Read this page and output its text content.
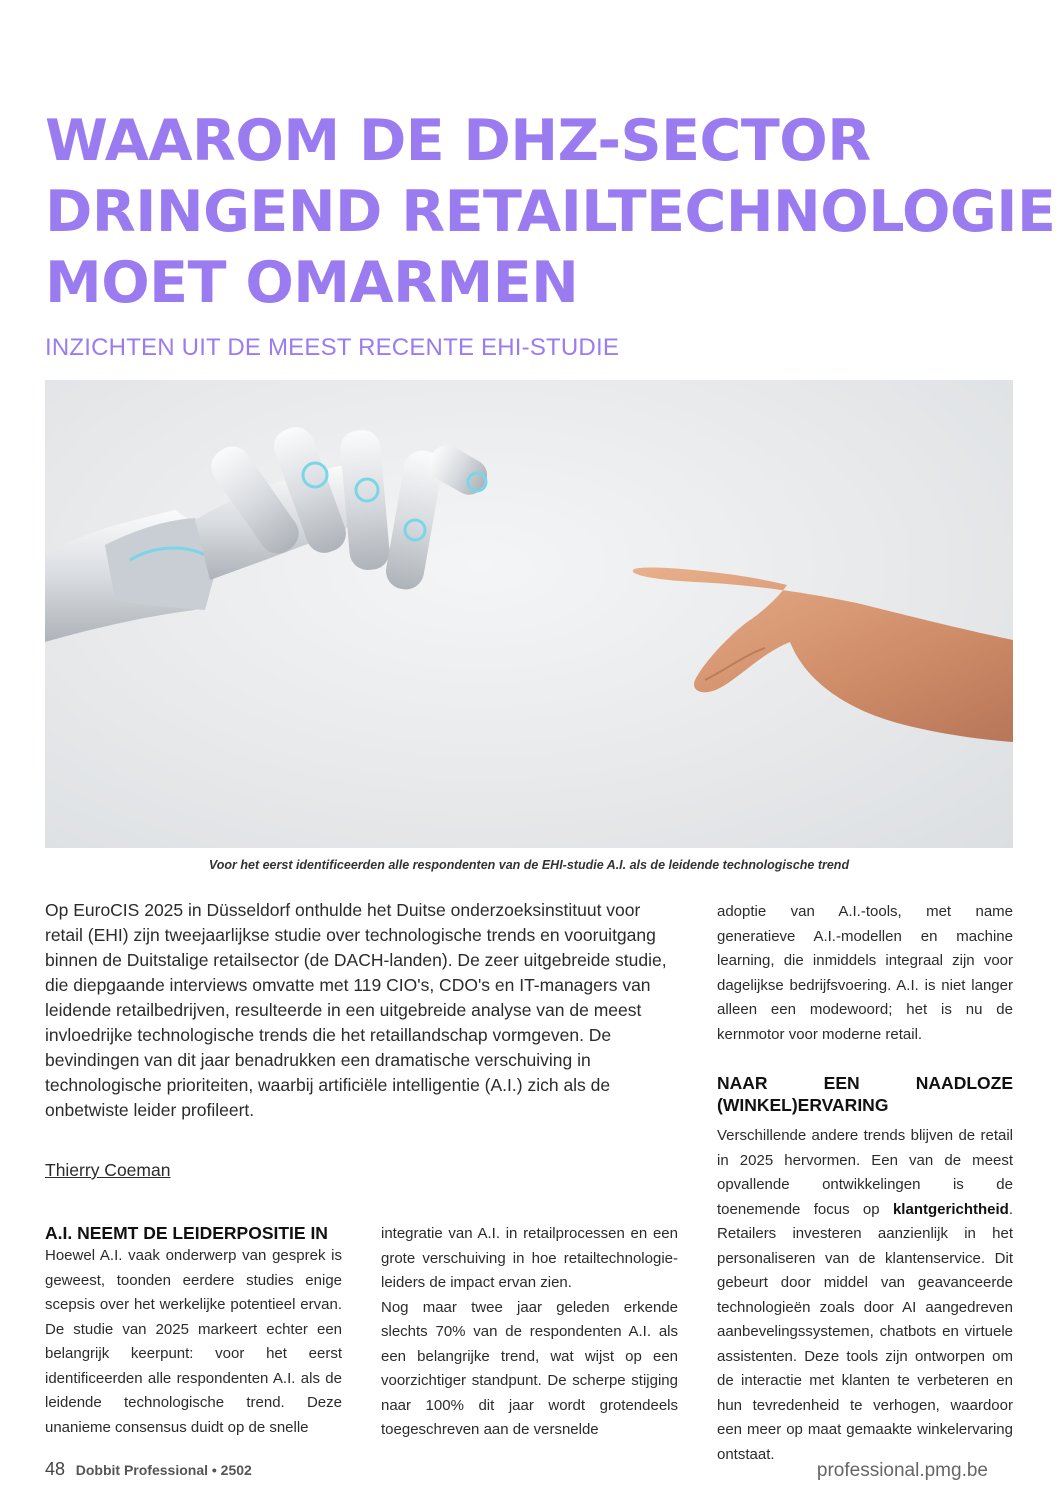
WAAROM DE DHZ-SECTOR
DRINGEND RETAILTECHNOLOGIE
MOET OMARMEN
INZICHTEN UIT DE MEEST RECENTE EHI-STUDIE

Voor het eerst identificeerden alle respondenten van de EHI-studie A.I. als de leidende technologische trend

Op EuroCIS 2025 in Düsseldorf onthulde het Duitse onderzoeksinstituut voor retail (EHI) zijn tweejaarlijkse studie over technologische trends en vooruitgang binnen de Duitstalige retailsector (de DACH-landen). De zeer uitgebreide studie, die diepgaande interviews omvatte met 119 CIO's, CDO's en IT-managers van leidende retailbedrijven, resulteerde in een uitgebreide analyse van de meest invloedrijke technologische trends die het retaillandschap vormgeven. De bevindingen van dit jaar benadrukken een dramatische verschuiving in technologische prioriteiten, waarbij artificiële intelligentie (A.I.) zich als de onbetwiste leider profileert.

Thierry Coeman

A.I. NEEMT DE LEIDERPOSITIE IN

Hoewel A.I. vaak onderwerp van gesprek is geweest, toonden eerdere studies enige scepsis over het werkelijke potentieel ervan. De studie van 2025 markeert echter een belangrijk keerpunt: voor het eerst identificeerden alle respondenten A.I. als de leidende technologische trend. Deze unanieme consensus duidt op de snelle

integratie van A.I. in retailprocessen en een grote verschuiving in hoe retailtechnologie-leiders de impact ervan zien.

Nog maar twee jaar geleden erkende slechts 70% van de respondenten A.I. als een belangrijke trend, wat wijst op een voorzichtiger standpunt. De scherpe stijging naar 100% dit jaar wordt grotendeels toegeschreven aan de versnelde

adoptie van A.I.-tools, met name generatieve A.I.-modellen en machine learning, die inmiddels integraal zijn voor dagelijkse bedrijfsvoering. A.I. is niet langer alleen een modewoord; het is nu de kernmotor voor moderne retail.

NAAR EEN NAADLOZE (WINKEL)ERVARING

Verschillende andere trends blijven de retail in 2025 hervormen. Een van de meest opvallende ontwikkelingen is de toenemende focus op klantgerichtheid. Retailers investeren aanzienlijk in het personaliseren van de klantenservice. Dit gebeurt door middel van geavanceerde technologieën zoals door AI aangedreven aanbevelingssystemen, chatbots en virtuele assistenten. Deze tools zijn ontworpen om de interactie met klanten te verbeteren en hun tevredenheid te verhogen, waardoor een meer op maat gemaakte winkelervaring ontstaat.

48 Dobbit Professional • 2502	professional.pmg.be
